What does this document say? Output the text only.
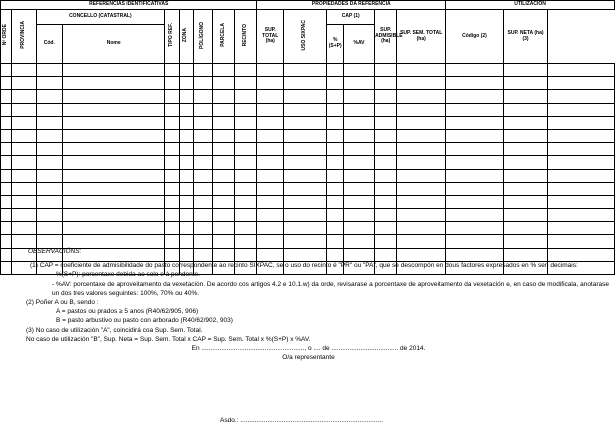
REFERENCIAS IDENTIFICATIVAS									PROPIEDADES DA REFERENCIA						UTILIZACIÓN		
Nº ORDE	PROVINCIA	CONCELLO (CATASTRAL)		TIPO REF.	ZONA	POLÍGONO	PARCELA	RECINTO	SUP. TOTAL (ha)	USO SIXPAC	CAP (1)		SUP. ADMISIBLE (ha)	SUP. SEM. TOTAL (ha)	Código (2)	SUP. NETA (ha) (3)	
		Cód.	Nome								%(S+P)	%AV					

OBSERVACIÓNS:

(1) CAP = coeficiente de admisibilidade do pasto correspondente ao recinto SIXPAC, se o uso do recinto é "PR" ou "PA", que se descompón en dous factores expresados en % sen decimais:

- %(S+P): porcentaxe debida ao solo e á pendente.

- %AV: porcentaxe de aproveitamento da vexetación. De acordo cos artigos 4.2 e 10.1.w) da orde, revisarase a porcentaxe de aproveitamento da vexetación e, en caso de modificala, anotarase un dos tres valores seguintes: 100%, 70% ou 40%.

(2) Poñer A ou B, sendo :

A = pastos ou prados ≥ 5 anos (R40/62/905, 906)

B = pasto arbustivo ou pasto con arborado (R40/62/902, 903)

(3) No caso de utilización "A", coincidirá coa Sup. Sem. Total.

No caso de utilización "B", Sup. Neta = Sup. Sem. Total x CAP = Sup. Sem. Total x %(S+P) x %AV.

En ........................................................., o .... de ..................................... de 2014.

O/a representante

Asdo.: ...............................................................................
